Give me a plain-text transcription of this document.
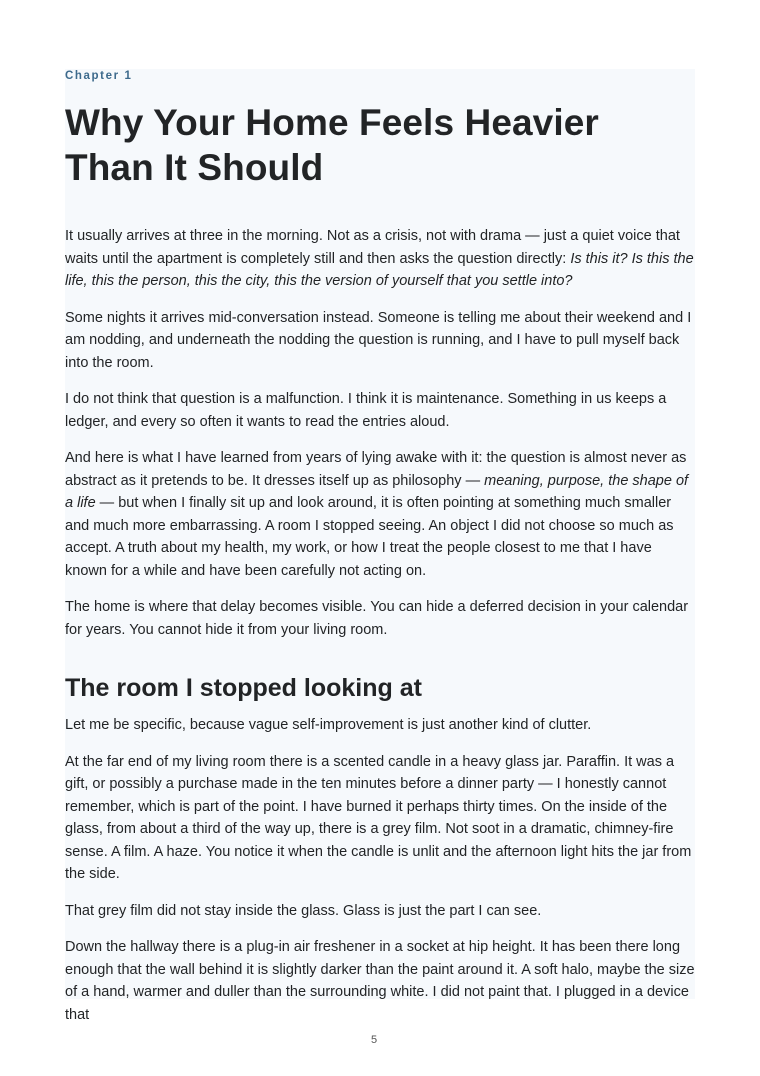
Chapter 1
Why Your Home Feels Heavier Than It Should

It usually arrives at three in the morning. Not as a crisis, not with drama — just a quiet voice that waits until the apartment is completely still and then asks the question directly: Is this it? Is this the life, this the person, this the city, this the version of yourself that you settle into?

Some nights it arrives mid-conversation instead. Someone is telling me about their weekend and I am nodding, and underneath the nodding the question is running, and I have to pull myself back into the room.

I do not think that question is a malfunction. I think it is maintenance. Something in us keeps a ledger, and every so often it wants to read the entries aloud.

And here is what I have learned from years of lying awake with it: the question is almost never as abstract as it pretends to be. It dresses itself up as philosophy — meaning, purpose, the shape of a life — but when I finally sit up and look around, it is often pointing at something much smaller and much more embarrassing. A room I stopped seeing. An object I did not choose so much as accept. A truth about my health, my work, or how I treat the people closest to me that I have known for a while and have been carefully not acting on.

The home is where that delay becomes visible. You can hide a deferred decision in your calendar for years. You cannot hide it from your living room.

The room I stopped looking at

Let me be specific, because vague self-improvement is just another kind of clutter.

At the far end of my living room there is a scented candle in a heavy glass jar. Paraffin. It was a gift, or possibly a purchase made in the ten minutes before a dinner party — I honestly cannot remember, which is part of the point. I have burned it perhaps thirty times. On the inside of the glass, from about a third of the way up, there is a grey film. Not soot in a dramatic, chimney-fire sense. A film. A haze. You notice it when the candle is unlit and the afternoon light hits the jar from the side.

That grey film did not stay inside the glass. Glass is just the part I can see.

Down the hallway there is a plug-in air freshener in a socket at hip height. It has been there long enough that the wall behind it is slightly darker than the paint around it. A soft halo, maybe the size of a hand, warmer and duller than the surrounding white. I did not paint that. I plugged in a device that

5
